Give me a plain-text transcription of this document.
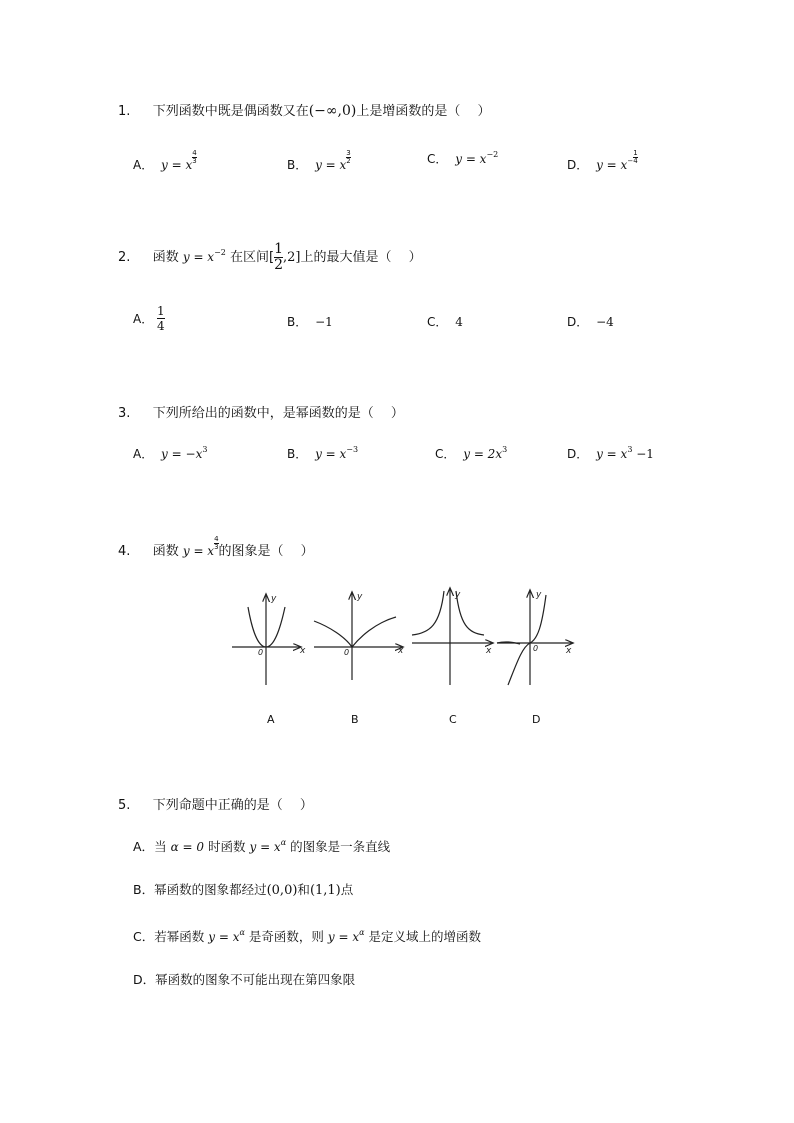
1. 下列函数中既是偶函数又在(−∞,0)上是增函数的是（　 ）
A． y = x $\frac{4}{3}$	B． y = x $\frac{3}{2}$	C． $y = x^{-2}$
D． $y = x^- \frac{1}{4}$
2. 函数 $y = x^{-2}$ 在区间[ $\frac{1}{2} ,2$]上的最大值是（　 ）
A． $\frac{1}{4}$	B． −1	C． 4	D． −4
3. 下列所给出的函数中，是幂函数的是（　 ）
A． $y = -x^3$	B． $y = x^{-3}$	C． $y = 2x^3$	D． $y = x^3 -1$
4. 函数 y = x $\frac{4}{3}$
的图象是（　 ）
y
x
0
y
x
0
y
x
y
x
0
A	B	C	D
5. 下列命题中正确的是（　 ）
A．当 α = 0 时函数 $y = x^\alpha$ 的图象是一条直线
B．幂函数的图象都经过(0,0)和(1,1)点
C．若幂函数 $y = x^\alpha$ 是奇函数，则 $y = x^\alpha$ 是定义域上的增函数
D．幂函数的图象不可能出现在第四象限
